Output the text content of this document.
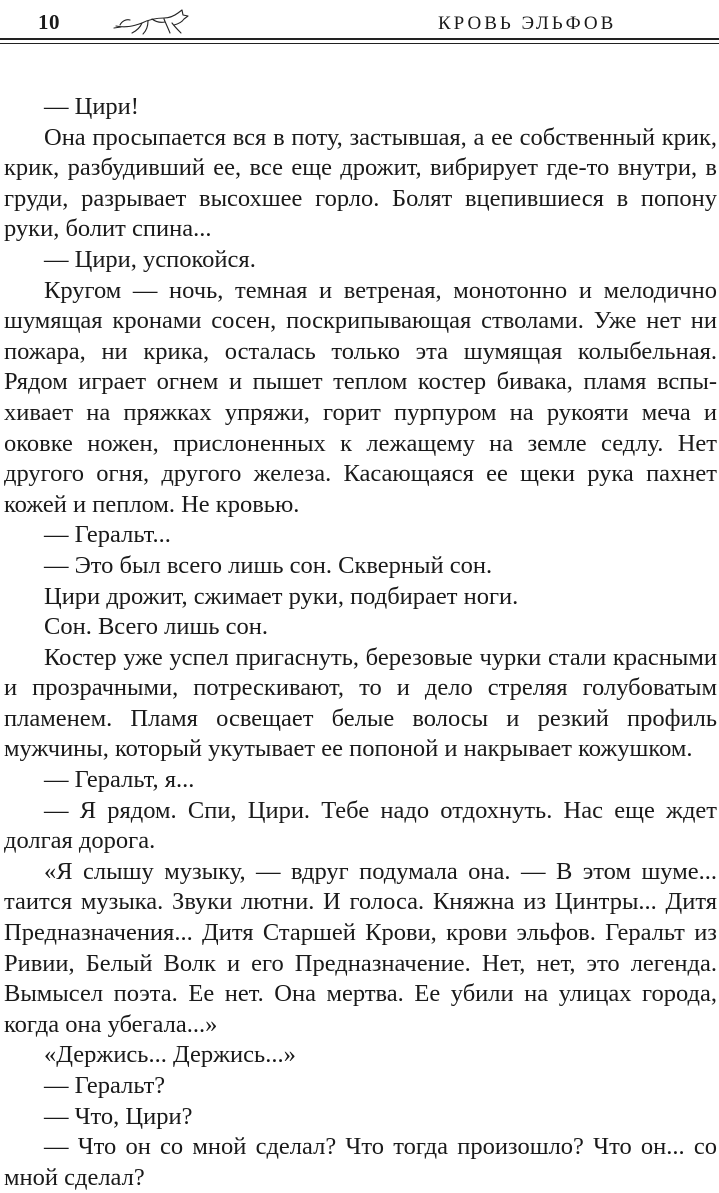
10	КРОВЬ ЭЛЬФОВ

— Цири!

Она просыпается вся в поту, застывшая, а ее собственный крик, крик, разбудивший ее, все еще дрожит, вибрирует где-то внутри, в груди, разрывает высохшее горло. Болят вцепившиеся в попону руки, болит спина...

— Цири, успокойся.

Кругом — ночь, темная и ветреная, монотонно и мелодично шумящая кронами сосен, поскрипывающая стволами. Уже нет ни пожара, ни крика, осталась только эта шумящая колыбельная. Рядом играет огнем и пышет теплом костер бивака, пламя вспыхивает на пряжках упряжи, горит пурпуром на рукояти меча и оковке ножен, прислоненных к лежащему на земле седлу. Нет другого огня, другого железа. Касающаяся ее щеки рука пахнет кожей и пеплом. Не кровью.

— Геральт...

— Это был всего лишь сон. Скверный сон.

Цири дрожит, сжимает руки, подбирает ноги.

Сон. Всего лишь сон.

Костер уже успел пригаснуть, березовые чурки стали красными и прозрачными, потрескивают, то и дело стреляя голубоватым пламенем. Пламя освещает белые волосы и резкий профиль мужчины, который укутывает ее попоной и накрывает кожушком.

— Геральт, я...

— Я рядом. Спи, Цири. Тебе надо отдохнуть. Нас еще ждет долгая дорога.

«Я слышу музыку, — вдруг подумала она. — В этом шуме... таится музыка. Звуки лютни. И голоса. Княжна из Цинтры... Дитя Предназначения... Дитя Старшей Крови, крови эльфов. Геральт из Ривии, Белый Волк и его Предназначение. Нет, нет, это легенда. Вымысел поэта. Ее нет. Она мертва. Ее убили на улицах города, когда она убегала...»

«Держись... Держись...»

— Геральт?

— Что, Цири?

— Что он со мной сделал? Что тогда произошло? Что он... со мной сделал?
